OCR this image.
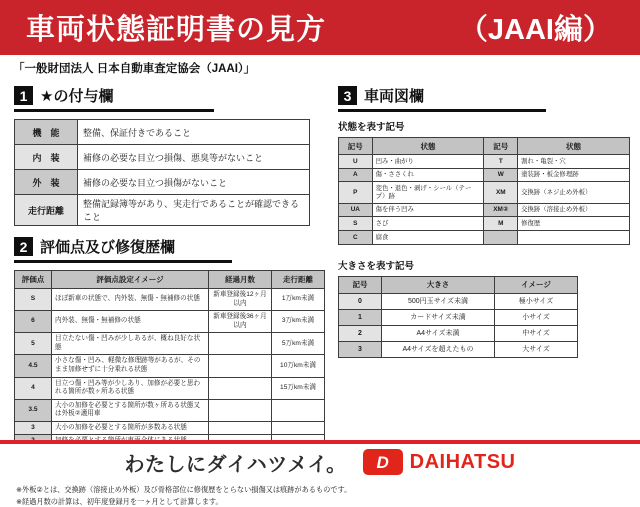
車両状態証明書の見方	（JAAI編）
「一般財団法人 日本自動車査定協会（JAAI）」
1 ★の付与欄
機　能	整備、保証付きであること
内　装	補修の必要な目立つ損傷、悪臭等がないこと
外　装	補修の必要な目立つ損傷がないこと
走行距離	整備記録簿等があり、実走行であることが確認できること
2 評価点及び修復歴欄
評価点	評価点設定イメージ	経過月数	走行距離
S	ほぼ新車の状態で、内外装、無傷・無補修の状態	新車登録後12ヶ月以内	1万km未満
6	内外装、無傷・無補修の状態	新車登録後36ヶ月以内	3万km未満
5	目立たない傷・凹みが少しあるが、概ね良好な状態		5万km未満
4.5	小さな傷・凹み、軽微な修理跡等があるが、そのまま加修せずに十分乗れる状態		10万km未満
4	目立つ傷・凹み等が少しあり、加修が必要と思われる箇所が数ヶ所ある状態		15万km未満
3.5	大小の加修を必要とする箇所が数ヶ所ある状態又は外板②適用車		
3	大小の加修を必要とする箇所が多数ある状態		

3 車両図欄
状態を表す記号
記号	状態	記号	状態
U	凹み・曲がり	T	割れ・亀裂・穴
A	傷・ささくれ	W	塗装跡・板金修理跡
P	変色・退色・剥げ・シール（テープ）跡	XM	交換跡（ネジ止め外板）
UA	傷を伴う凹み	XM②	交換跡（溶接止め外板）
S	さび	M	修復歴
C	腐食		
大きさを表す記号
記号	大きさ	イメージ
0	500円玉サイズ未満	極小サイズ
1	カードサイズ未満	小サイズ
2	A4サイズ未満	中サイズ
3	A4サイズを超えたもの	大サイズ
※外板②とは、交換跡（溶接止め外板）及び骨格部位に修復歴をとらない損傷又は痕跡があるものです。
※経過月数の計算は、初年度登録月を一ヶ月として計算します。
わたしにダイハツメイ。 D DAIHATSU
